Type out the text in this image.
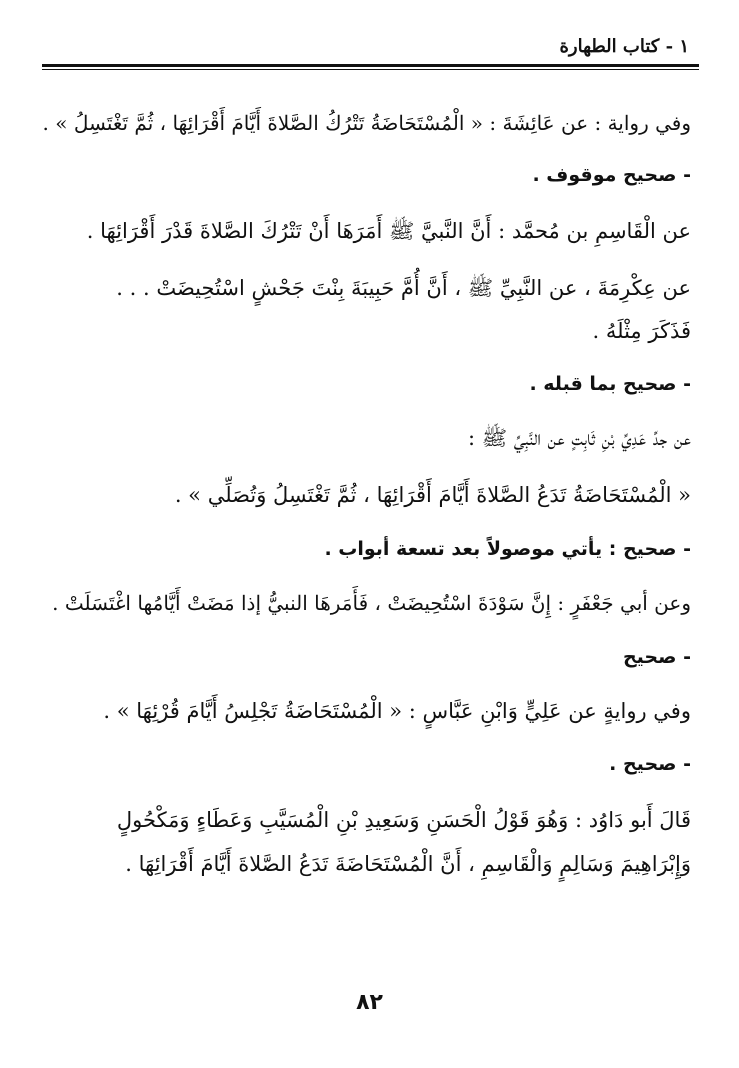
١ - كتاب الطهارة
وفي رواية : عن عَائِشَةَ : « الْمُسْتَحَاضَةُ تَتْرُكُ الصَّلاةَ أَيَّامَ أَقْرَائِهَا ، ثُمَّ تَغْتَسِلُ » .
- صحيح موقوف .
عن الْقَاسِمِ بن مُحمَّد : أَنَّ النَّبيَّ ﷺ أَمَرَهَا أَنْ تَتْرُكَ الصَّلاةَ قَدْرَ أَقْرَائِهَا .
عن عِكْرِمَةَ ، عن النَّبِيِّ ﷺ ، أَنَّ أُمَّ حَبِيبَةَ بِنْتَ جَحْشٍ اسْتُحِيضَتْ . . .
فَذَكَرَ مِثْلَهُ .
- صحيح بما قبله .
عن جدِّ عَدِيِّ بْنِ ثَابِتٍ عن النَّبِيِّ ﷺ :
« الْمُسْتَحَاضَةُ تَدَعُ الصَّلاةَ أَيَّامَ أَقْرَائِهَا ، ثُمَّ تَغْتَسِلُ وَتُصَلِّي » .
- صحيح : يأتي موصولاً بعد تسعة أبواب .
وعن أبي جَعْفَرٍ : إِنَّ سَوْدَةَ اسْتُحِيضَتْ ، فَأَمَرهَا النبيُّ إذا مَضَتْ أَيَّامُها اغْتَسَلَتْ .
- صحيح
وفي روايةٍ عن عَلِيٍّ وَابْنِ عَبَّاسٍ : « الْمُسْتَحَاضَةُ تَجْلِسُ أَيَّامَ قُرْئِهَا » .
- صحيح .
قَالَ أَبو دَاوُد : وَهُوَ قَوْلُ الْحَسَنِ وَسَعِيدِ بْنِ الْمُسَيَّبِ وَعَطَاءٍ وَمَكْحُولٍ
وَإِبْرَاهِيمَ وَسَالِمٍ وَالْقَاسِمِ ، أَنَّ الْمُسْتَحَاضَةَ تَدَعُ الصَّلاةَ أَيَّامَ أَقْرَائِهَا .
٨٢
